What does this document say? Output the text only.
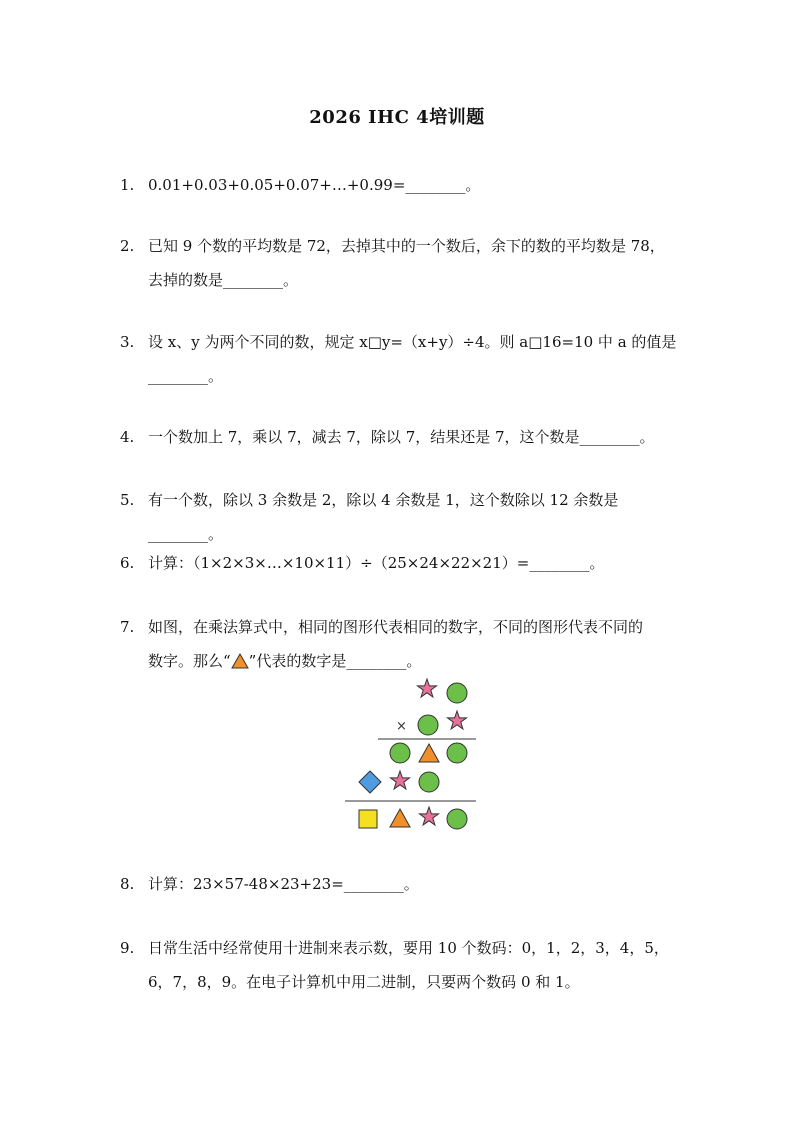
2026 IHC 4培训题
1. 0.01+0.03+0.05+0.07+…+0.99=________。
2. 已知 9 个数的平均数是 72，去掉其中的一个数后，余下的数的平均数是 78，
去掉的数是________。
3. 设 x、y 为两个不同的数，规定 x□y=（x+y）÷4。则 a□16=10 中 a 的值是
________。
4. 一个数加上 7，乘以 7，减去 7，除以 7，结果还是 7，这个数是________。
5. 有一个数，除以 3 余数是 2，除以 4 余数是 1，这个数除以 12 余数是________。
6. 计算：（1×2×3×…×10×11）÷（25×24×22×21）=________。
7. 如图，在乘法算式中，相同的图形代表相同的数字，不同的图形代表不同的
数字。那么“ ”代表的数字是________。
×
8. 计算：23×57-48×23+23=________。
9. 日常生活中经常使用十进制来表示数，要用 10 个数码：0，1，2，3，4，5，
6，7，8，9。在电子计算机中用二进制，只要两个数码 0 和 1。
